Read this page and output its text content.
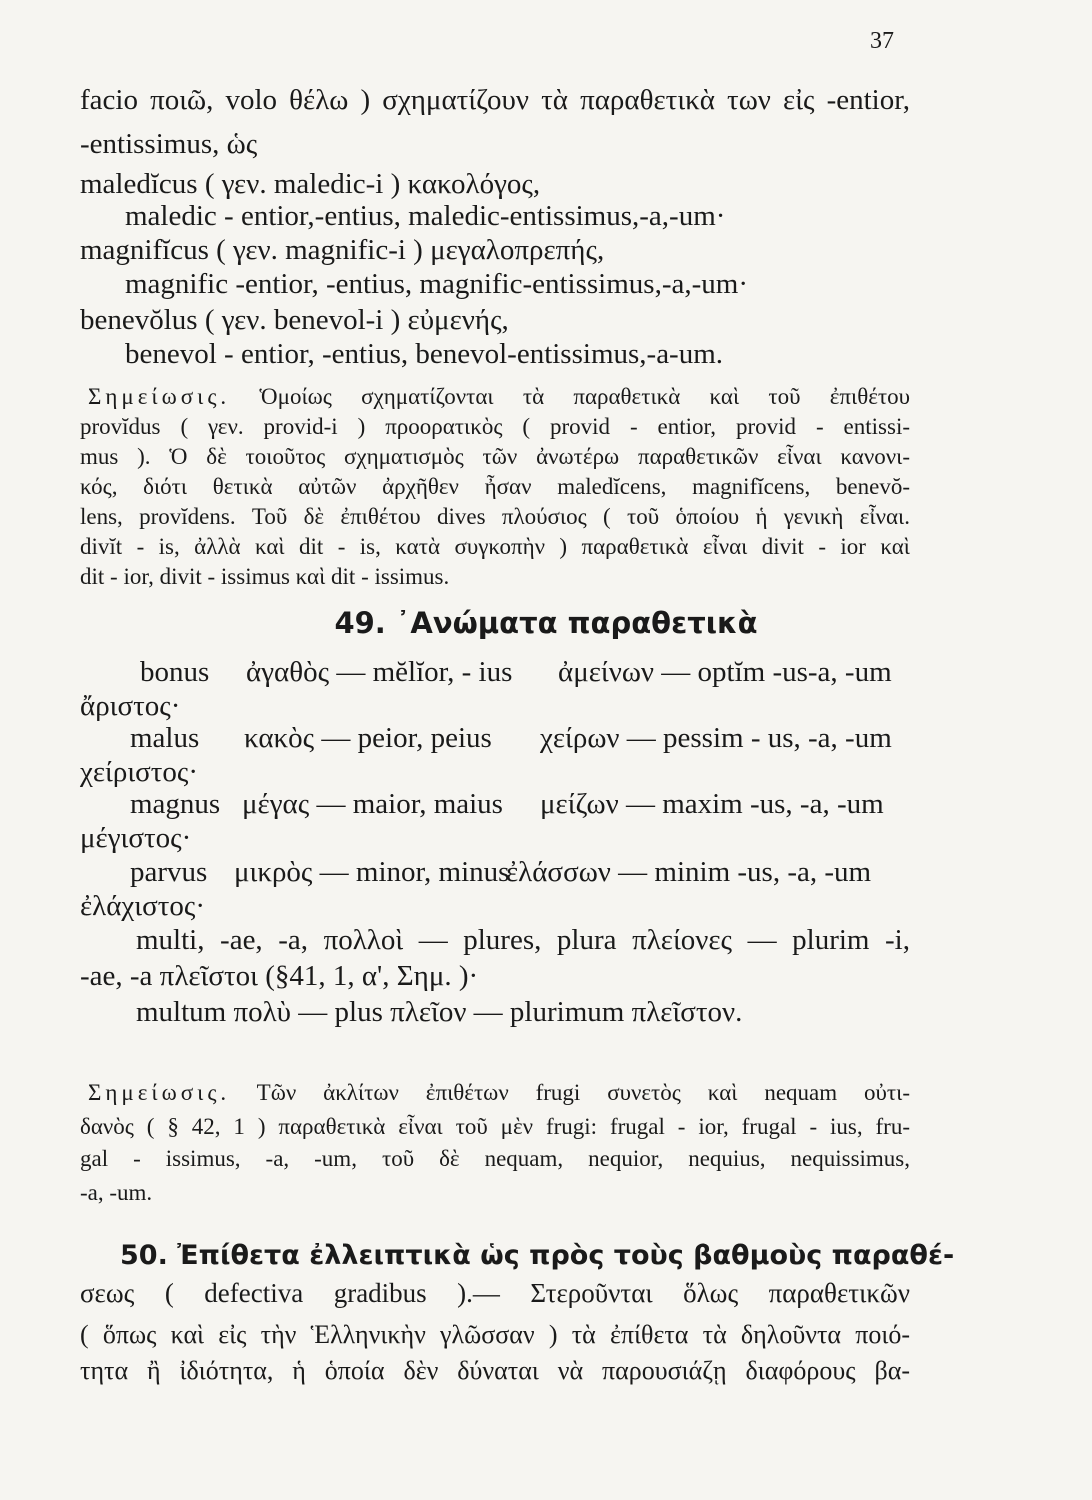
37
facio ποιῶ, volo θέλω ) σχηματίζουν τὰ παραθετικὰ των εἰς -entior,
-entissimus, ὡς
maledĭcus ( γεν. maledic-i ) κακολόγος,
maledic - entior,-entius, maledic-entissimus,-a,-um·
magnifĭcus ( γεν. magnific-i ) μεγαλοπρεπής,
magnific -entior, -entius, magnific-entissimus,-a,-um·
benevŏlus ( γεν. benevol-i ) εὐμενής,
benevol - entior, -entius, benevol-entissimus,-a-um.
Σημείωσις. Ὁμοίως σχηματίζονται τὰ παραθετικὰ καὶ τοῦ ἐπιθέτου
provĭdus ( γεν. provid-i ) προορατικὸς ( provid - entior, provid - entissi-
mus ). Ὁ δὲ τοιοῦτος σχηματισμὸς τῶν ἀνωτέρω παραθετικῶν εἶναι κανονι-
κός, διότι θετικὰ αὐτῶν ἀρχῆθεν ἦσαν maledĭcens, magnifĭcens, benevŏ-
lens, provĭdens. Τοῦ δὲ ἐπιθέτου dives πλούσιος ( τοῦ ὁποίου ἡ γενικὴ εἶναι.
divĭt - is, ἀλλὰ καὶ dit - is, κατὰ συγκοπὴν ) παραθετικὰ εἶναι divit - ior καὶ
dit - ior, divit - issimus καὶ dit - issimus.
49. ᾿Ανώματα παραθετικὰ
bonus ἀγαθὸς — mĕlĭor, - ius ἀμείνων — optĭm -us-a, -um
ἄριστος·
malus κακὸς — peior, peius χείρων — pessim - us, -a, -um
χείριστος·
magnus μέγας — maior, maius μείζων — maxim -us, -a, -um
μέγιστος·
parvus μικρὸς — minor, minus
ἐλάσσων — minim -us, -a, -um
ἐλάχιστος·
multi, -ae, -a, πολλοὶ — plures, plura πλείονες — plurim -i,
-ae, -a πλεῖστοι (§41, 1, α', Σημ. )·
multum πολὺ — plus πλεῖον — plurimum πλεῖστον.
Σημείωσις. Τῶν ἀκλίτων ἐπιθέτων frugi συνετὸς καὶ nequam οὐτι-
δανὸς ( § 42, 1 ) παραθετικὰ εἶναι τοῦ μὲν frugi: frugal - ior, frugal - ius, fru-
gal - issimus, -a, -um, τοῦ δὲ nequam, nequior, nequius, nequissimus,
-a, -um.
50. Ἐπίθετα ἐλλειπτικὰ ὡς πρὸς τοὺς βαθμοὺς παραθέ-
σεως ( defectiva gradibus ).— Στεροῦνται ὅλως παραθετικῶν
( ὅπως καὶ εἰς τὴν Ἑλληνικὴν γλῶσσαν ) τὰ ἐπίθετα τὰ δηλοῦντα ποιό-
τητα ἢ ἰδιότητα, ἡ ὁποία δὲν δύναται νὰ παρουσιάζῃ διαφόρους βα-
